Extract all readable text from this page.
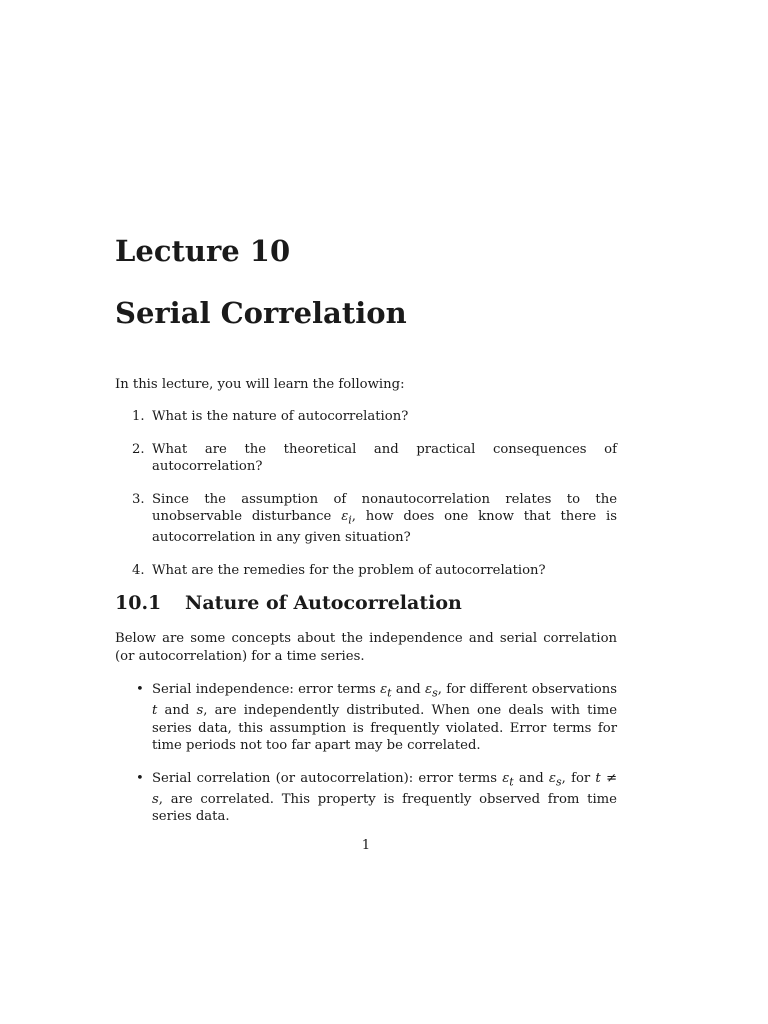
Lecture 10
Serial Correlation

In this lecture, you will learn the following:

1. What is the nature of autocorrelation?
2. What are the theoretical and practical consequences of autocorrelation?
3. Since the assumption of nonautocorrelation relates to the unobservable disturbance $\varepsilon_i$, how does one know that there is autocorrelation in any given situation?
4. What are the remedies for the problem of autocorrelation?
10.1 Nature of Autocorrelation

Below are some concepts about the independence and serial correlation (or autocorrelation) for a time series.

• Serial independence: error terms $\varepsilon_t$ and $\varepsilon_s$, for different observations t and s, are independently distributed. When one deals with time series data, this assumption is frequently violated. Error terms for time periods not too far apart may be correlated.
• Serial correlation (or autocorrelation): error terms $\varepsilon_t$ and $\varepsilon_s$, for t ≠ s, are correlated. This property is frequently observed from time series data.
1
